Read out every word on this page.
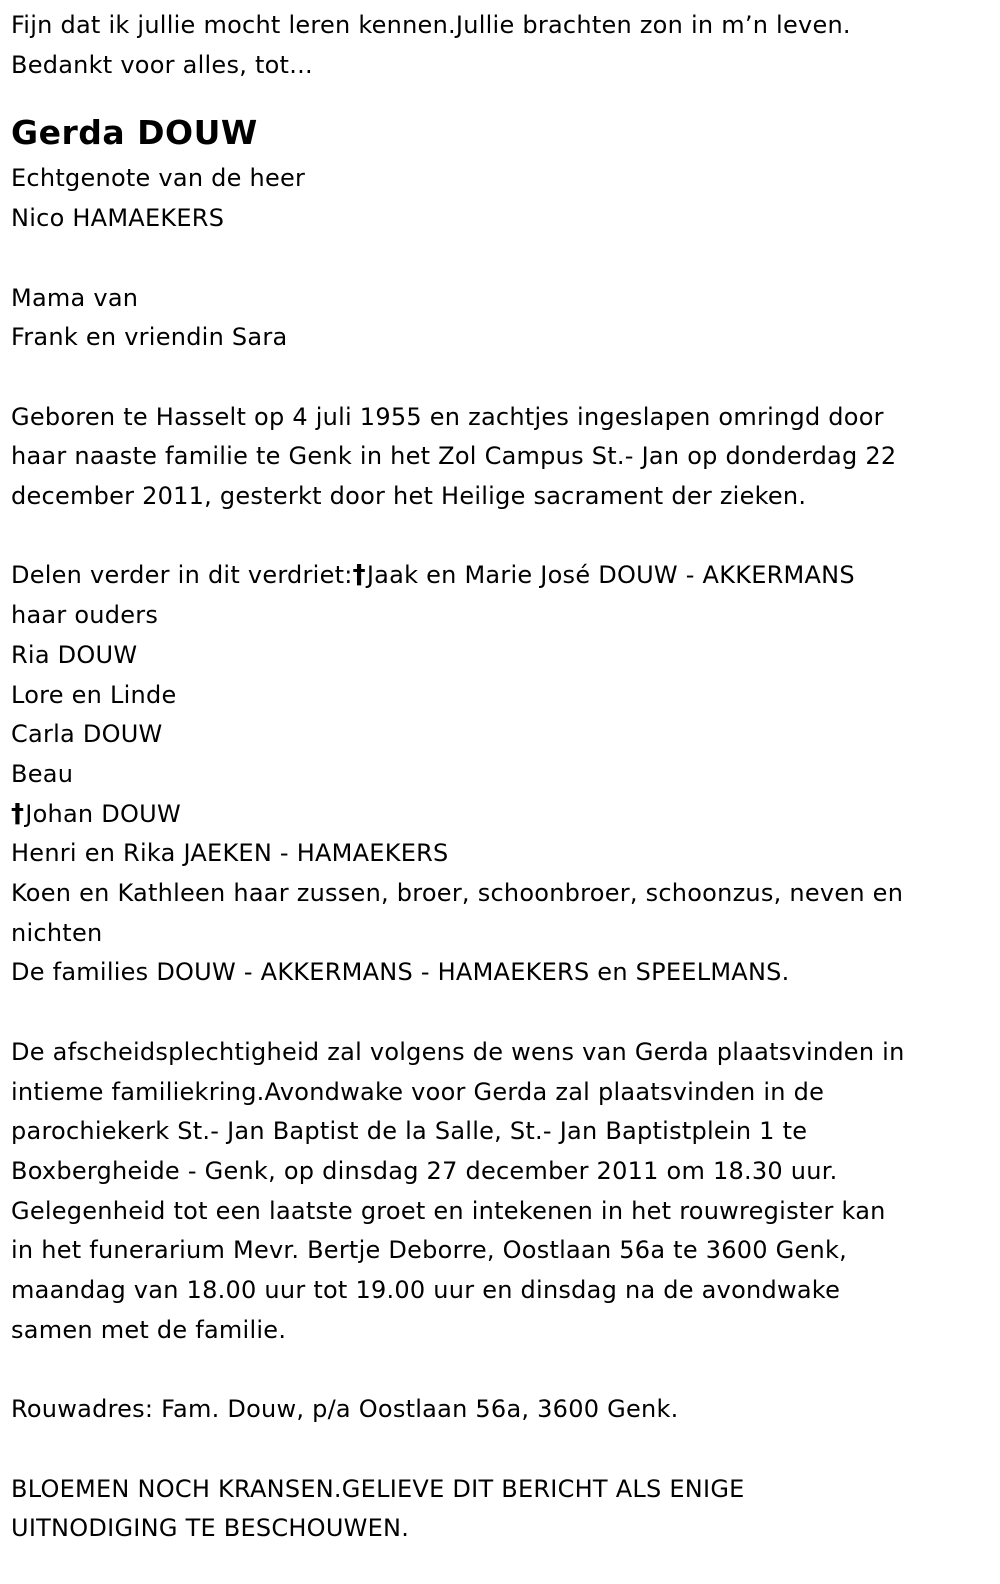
Fijn dat ik jullie mocht leren kennen.Jullie brachten zon in m’n leven.
Bedankt voor alles, tot...
Gerda DOUW
Echtgenote van de heer
Nico HAMAEKERS
Mama van
Frank en vriendin Sara
Geboren te Hasselt op 4 juli 1955 en zachtjes ingeslapen omringd door
haar naaste familie te Genk in het Zol Campus St.- Jan op donderdag 22
december 2011, gesterkt door het Heilige sacrament der zieken.
Delen verder in dit verdriet:†Jaak en Marie José DOUW - AKKERMANS
haar ouders
Ria DOUW
Lore en Linde
Carla DOUW
Beau
†Johan DOUW
Henri en Rika JAEKEN - HAMAEKERS
Koen en Kathleen haar zussen, broer, schoonbroer, schoonzus, neven en
nichten
De families DOUW - AKKERMANS - HAMAEKERS en SPEELMANS.
De afscheidsplechtigheid zal volgens de wens van Gerda plaatsvinden in
intieme familiekring.Avondwake voor Gerda zal plaatsvinden in de
parochiekerk St.- Jan Baptist de la Salle, St.- Jan Baptistplein 1 te
Boxbergheide - Genk, op dinsdag 27 december 2011 om 18.30 uur.
Gelegenheid tot een laatste groet en intekenen in het rouwregister kan
in het funerarium Mevr. Bertje Deborre, Oostlaan 56a te 3600 Genk,
maandag van 18.00 uur tot 19.00 uur en dinsdag na de avondwake
samen met de familie.
Rouwadres: Fam. Douw, p/a Oostlaan 56a, 3600 Genk.
BLOEMEN NOCH KRANSEN.GELIEVE DIT BERICHT ALS ENIGE
UITNODIGING TE BESCHOUWEN.
